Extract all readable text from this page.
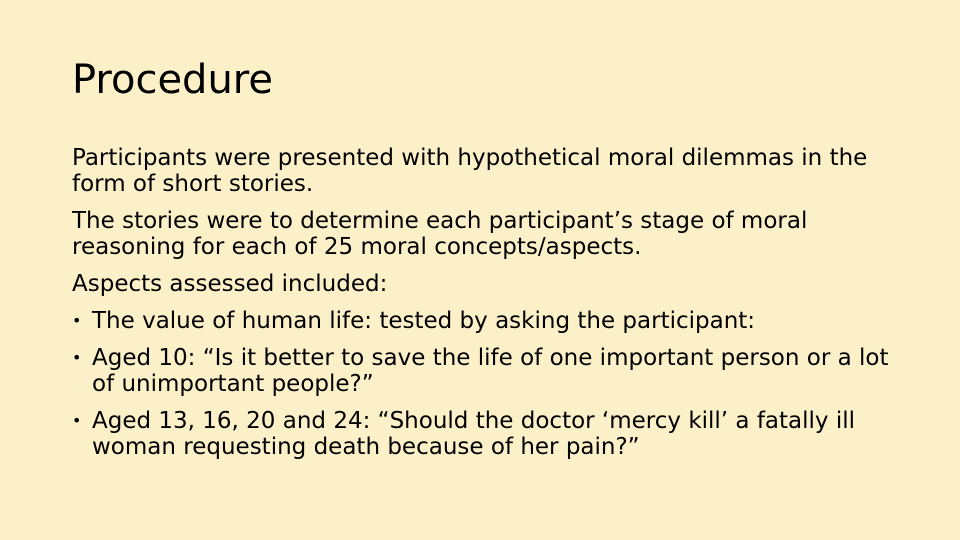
Procedure

Participants were presented with hypothetical moral dilemmas in the form of short stories.

The stories were to determine each participant’s stage of moral reasoning for each of 25 moral concepts/aspects.

Aspects assessed included:

• The value of human life: tested by asking the participant:
• Aged 10: “Is it better to save the life of one important person or a lot of unimportant people?”
• Aged 13, 16, 20 and 24: “Should the doctor ‘mercy kill’ a fatally ill woman requesting death because of her pain?”
